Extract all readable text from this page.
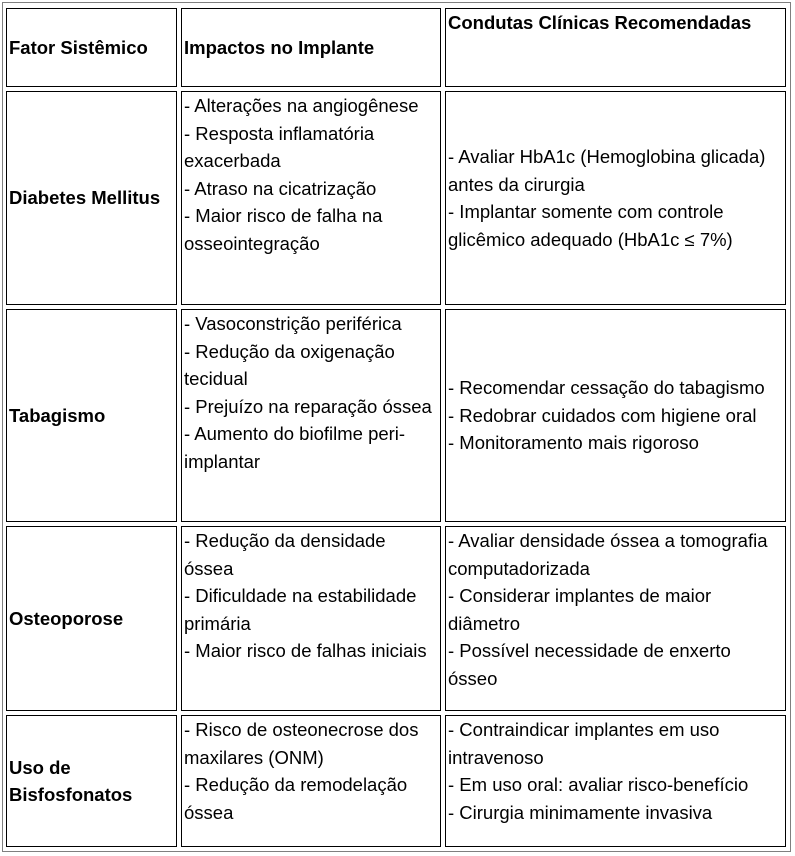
Fator Sistêmico	Impactos no Implante	Condutas Clínicas Recomendadas
Diabetes Mellitus	- Alterações na angiogênese
- Resposta inflamatória exacerbada
- Atraso na cicatrização
- Maior risco de falha na osseointegração	- Avaliar HbA1c (Hemoglobina glicada) antes da cirurgia
- Implantar somente com controle glicêmico adequado (HbA1c ≤ 7%)

Tabagismo	- Vasoconstrição periférica
- Redução da oxigenação tecidual
- Prejuízo na reparação óssea
- Aumento do biofilme peri-implantar	- Recomendar cessação do tabagismo
- Redobrar cuidados com higiene oral
- Monitoramento mais rigoroso

Osteoporose	- Redução da densidade óssea
- Dificuldade na estabilidade primária
- Maior risco de falhas iniciais	- Avaliar densidade óssea a tomografia computadorizada
- Considerar implantes de maior diâmetro
- Possível necessidade de enxerto ósseo

Uso de Bisfosfonatos	- Risco de osteonecrose dos maxilares (ONM)
- Redução da remodelação óssea	- Contraindicar implantes em uso intravenoso
- Em uso oral: avaliar risco-benefício
- Cirurgia minimamente invasiva
